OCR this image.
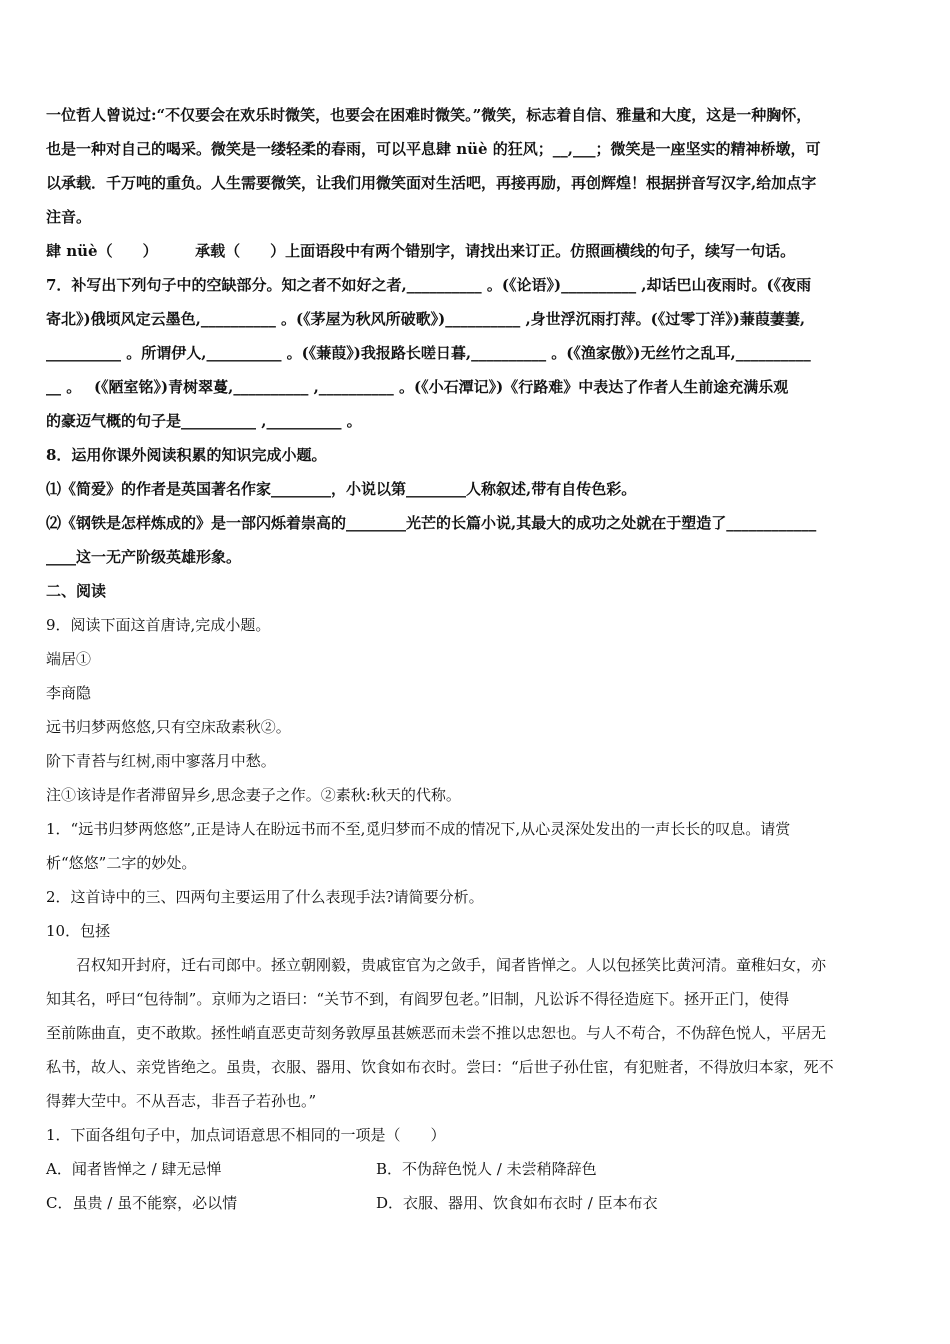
一位哲人曾说过:“不仅要会在欢乐时微笑，也要会在困难时微笑。”微笑，标志着自信、雅量和大度，这是一种胸怀，
也是一种对自己的喝采。微笑是一缕轻柔的春雨，可以平息肆 nüè 的狂风；__,___；微笑是一座坚实的精神桥墩，可
以承载．千万吨的重负。人生需要微笑，让我们用微笑面对生活吧，再接再励，再创辉煌！根据拼音写汉字,给加点字
注音。
肆 nüè（　　）　　　承载（　　）上面语段中有两个错别字，请找出来订正。仿照画横线的句子，续写一句话。
7．补写出下列句子中的空缺部分。知之者不如好之者,__________ 。(《论语》)__________ ,却话巴山夜雨时。(《夜雨
寄北》)俄顷风定云墨色,__________ 。(《茅屋为秋风所破歌》)__________ ,身世浮沉雨打萍。(《过零丁洋》)蒹葭萋萋,
__________ 。所谓伊人,__________ 。(《蒹葭》)我报路长嗟日暮,__________ 。(《渔家傲》)无丝竹之乱耳,__________
__ 。　 (《陋室铭》)青树翠蔓,__________ ,__________ 。(《小石潭记》)《行路难》中表达了作者人生前途充满乐观
的豪迈气概的句子是__________ ,__________ 。
8．运用你课外阅读积累的知识完成小题。
⑴《简爱》的作者是英国著名作家________，小说以第________人称叙述,带有自传色彩。
⑵《钢铁是怎样炼成的》是一部闪烁着崇高的________光芒的长篇小说,其最大的成功之处就在于塑造了____________
____这一无产阶级英雄形象。
二、阅读
9．阅读下面这首唐诗,完成小题。
端居①
李商隐
远书归梦两悠悠,只有空床敌素秋②。
阶下青苔与红树,雨中寥落月中愁。
注①该诗是作者滞留异乡,思念妻子之作。②素秋:秋天的代称。
1．“远书归梦两悠悠”,正是诗人在盼远书而不至,觅归梦而不成的情况下,从心灵深处发出的一声长长的叹息。请赏
析“悠悠”二字的妙处。
2．这首诗中的三、四两句主要运用了什么表现手法?请简要分析。
10．包拯
召权知开封府，迁右司郎中。拯立朝刚毅，贵戚宦官为之敛手，闻者皆惮之。人以包拯笑比黄河清。童稚妇女，亦
知其名，呼曰“包待制”。京师为之语曰：“关节不到，有阎罗包老。”旧制，凡讼诉不得径造庭下。拯开正门，使得
至前陈曲直，吏不敢欺。拯性峭直恶吏苛刻务敦厚虽甚嫉恶而未尝不推以忠恕也。与人不苟合，不伪辞色悦人，平居无
私书，故人、亲党皆绝之。虽贵，衣服、器用、饮食如布衣时。尝曰：“后世子孙仕宦，有犯赃者，不得放归本家，死不
得葬大茔中。不从吾志，非吾子若孙也。”
1．下面各组句子中，加点词语意思不相同的一项是（　　）
A．闻者皆惮之 / 肆无忌惮	B．不伪辞色悦人 / 未尝稍降辞色
C．虽贵 / 虽不能察，必以情	D．衣服、器用、饮食如布衣时 / 臣本布衣
